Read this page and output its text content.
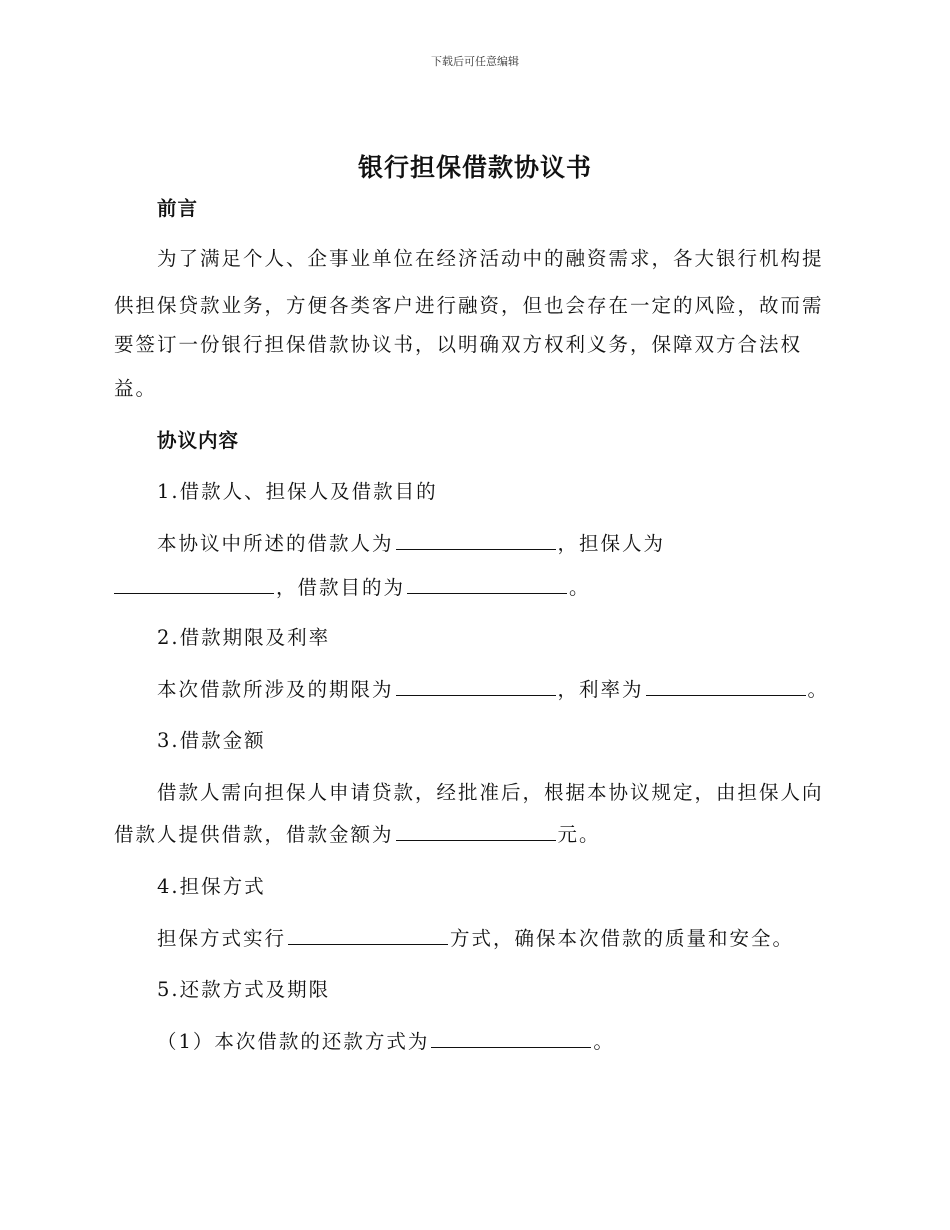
下载后可任意编辑
银行担保借款协议书
前言
为了满足个人、企事业单位在经济活动中的融资需求，各大银行机构提
供担保贷款业务，方便各类客户进行融资，但也会存在一定的风险，故而需
要签订一份银行担保借款协议书，以明确双方权利义务，保障双方合法权
益。
协议内容
1.借款人、担保人及借款目的
本协议中所述的借款人为	，担保人为
，借款目的为	。
2.借款期限及利率
本次借款所涉及的期限为	，利率为	。
3.借款金额
借款人需向担保人申请贷款，经批准后，根据本协议规定，由担保人向
借款人提供借款，借款金额为	元。
4.担保方式
担保方式实行	方式，确保本次借款的质量和安全。
5.还款方式及期限
（1）本次借款的还款方式为	。
